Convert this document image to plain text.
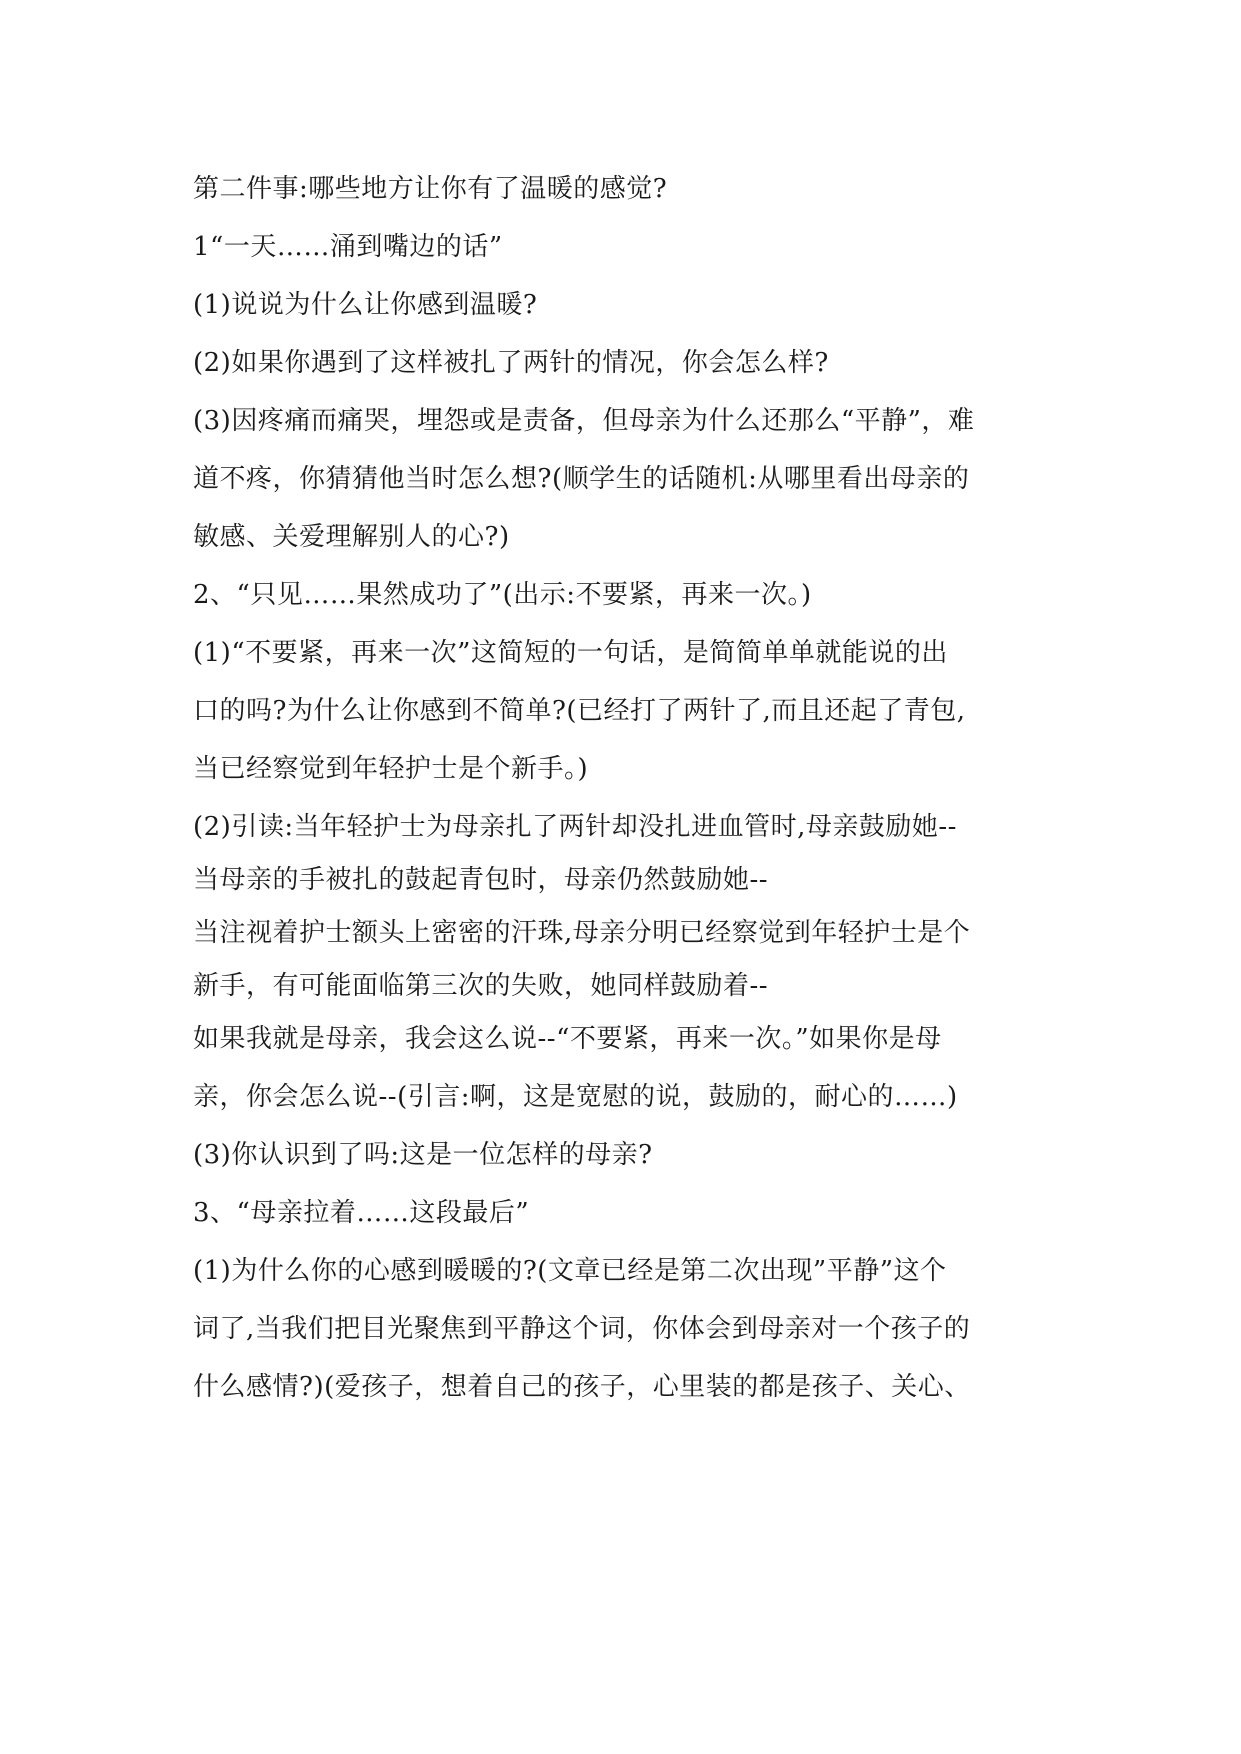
第二件事:哪些地方让你有了温暖的感觉?
1“一天……涌到嘴边的话”
(1)说说为什么让你感到温暖?
(2)如果你遇到了这样被扎了两针的情况，你会怎么样?
(3)因疼痛而痛哭，埋怨或是责备，但母亲为什么还那么“平静”，难
道不疼，你猜猜他当时怎么想?(顺学生的话随机:从哪里看出母亲的
敏感、关爱理解别人的心?)
2、“只见……果然成功了”(出示:不要紧，再来一次。)
(1)“不要紧，再来一次”这简短的一句话，是简简单单就能说的出
口的吗?为什么让你感到不简单?(已经打了两针了,而且还起了青包,
当已经察觉到年轻护士是个新手。)
(2)引读:当年轻护士为母亲扎了两针却没扎进血管时,母亲鼓励她--
当母亲的手被扎的鼓起青包时，母亲仍然鼓励她--
当注视着护士额头上密密的汗珠,母亲分明已经察觉到年轻护士是个
新手，有可能面临第三次的失败，她同样鼓励着--
如果我就是母亲，我会这么说--“不要紧，再来一次。”如果你是母
亲，你会怎么说--(引言:啊，这是宽慰的说，鼓励的，耐心的……)
(3)你认识到了吗:这是一位怎样的母亲?
3、“母亲拉着……这段最后”
(1)为什么你的心感到暖暖的?(文章已经是第二次出现”平静”这个
词了,当我们把目光聚焦到平静这个词，你体会到母亲对一个孩子的
什么感情?)(爱孩子，想着自己的孩子，心里装的都是孩子、关心、
